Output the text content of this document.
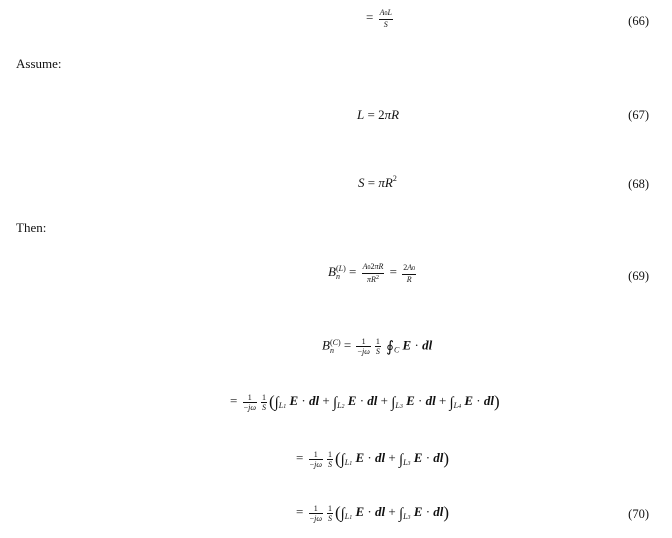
= $\frac{A0L}{S}$	(66)
Assume:
L = 2πR	(67)
$S = \pi R^2$	(68)
Then:
B (L)
$n = \frac{A02\pi R}{\pi R^2} = \frac{2A0}{R}$	(69)
B (C)
$n = \frac{1}{-j\omega} \frac{1}{S}$ $∮_C$ E · dl
= $\frac{1}{-j\omega} \frac{1}{S} (\int_{L1}$ E · dl + $\int_{L2}$ E · dl + $\int_{L3}$ E · dl + $\int_{L4}$ E · dl)
= $\frac{1}{-j\omega} \frac{1}{S} (\int_{L1}$ E · dl + $\int_{L3}$ E · dl)
= $\frac{1}{-j\omega} \frac{1}{S} (\int_{L1}$ E · dl + $\int_{L3}$ E · dl)	(70)
